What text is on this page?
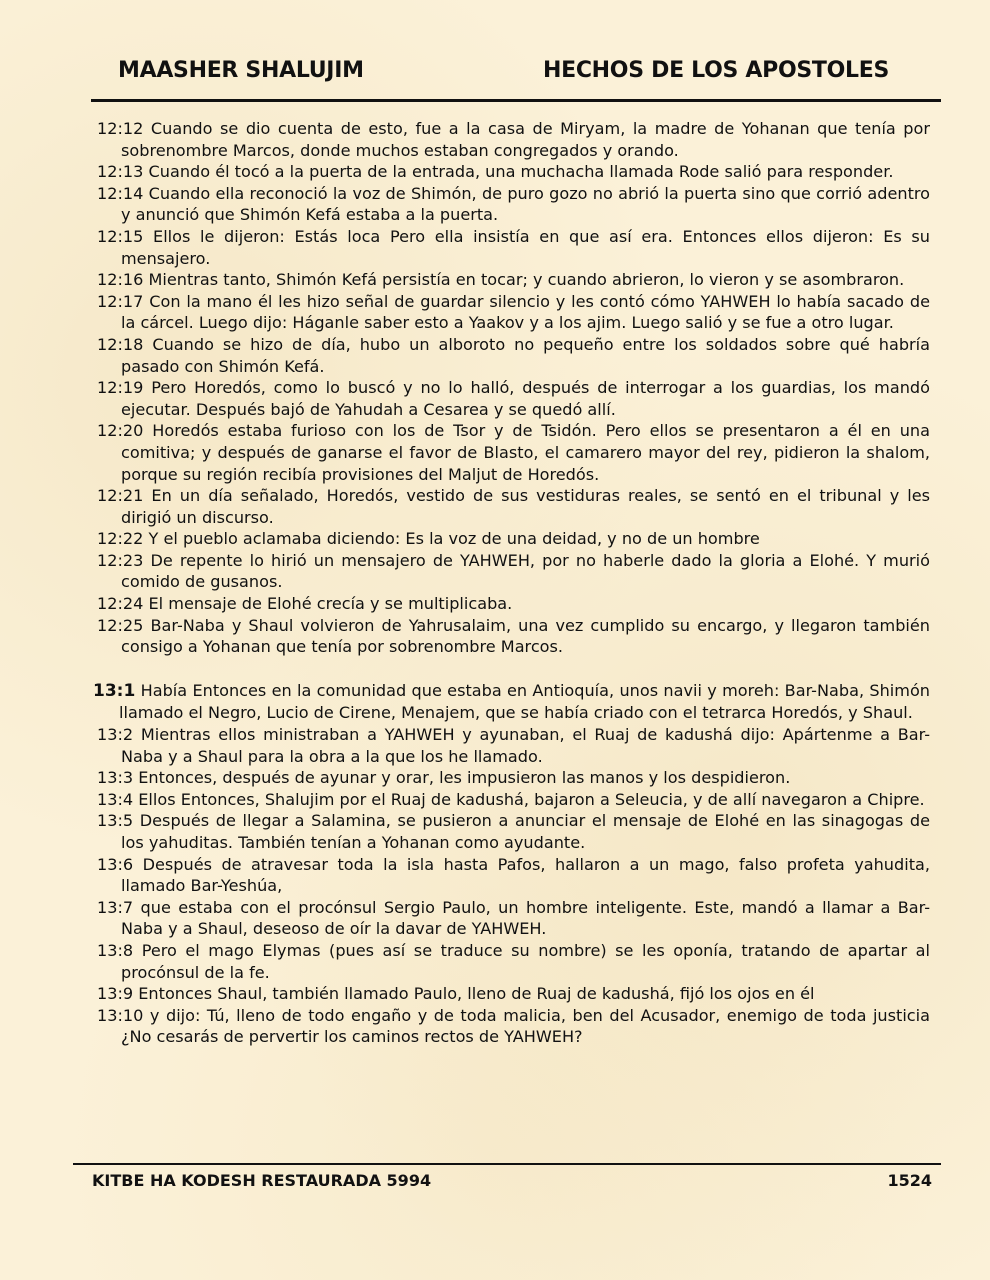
MAASHER SHALUJIM	HECHOS DE LOS APOSTOLES
12:12 Cuando se dio cuenta de esto, fue a la casa de Miryam, la madre de Yohanan que tenía por sobrenombre Marcos, donde muchos estaban congregados y orando.
12:13 Cuando él tocó a la puerta de la entrada, una muchacha llamada Rode salió para responder.
12:14 Cuando ella reconoció la voz de Shimón, de puro gozo no abrió la puerta sino que corrió adentro y anunció que Shimón Kefá estaba a la puerta.
12:15 Ellos le dijeron: Estás loca Pero ella insistía en que así era. Entonces ellos dijeron: Es su mensajero.
12:16 Mientras tanto, Shimón Kefá persistía en tocar; y cuando abrieron, lo vieron y se asombraron.
12:17 Con la mano él les hizo señal de guardar silencio y les contó cómo YAHWEH lo había sacado de la cárcel. Luego dijo: Háganle saber esto a Yaakov y a los ajim. Luego salió y se fue a otro lugar.
12:18 Cuando se hizo de día, hubo un alboroto no pequeño entre los soldados sobre qué habría pasado con Shimón Kefá.
12:19 Pero Horedós, como lo buscó y no lo halló, después de interrogar a los guardias, los mandó ejecutar. Después bajó de Yahudah a Cesarea y se quedó allí.
12:20 Horedós estaba furioso con los de Tsor y de Tsidón. Pero ellos se presentaron a él en una comitiva; y después de ganarse el favor de Blasto, el camarero mayor del rey, pidieron la shalom, porque su región recibía provisiones del Maljut de Horedós.
12:21 En un día señalado, Horedós, vestido de sus vestiduras reales, se sentó en el tribunal y les dirigió un discurso.
12:22 Y el pueblo aclamaba diciendo: Es la voz de una deidad, y no de un hombre
12:23 De repente lo hirió un mensajero de YAHWEH, por no haberle dado la gloria a Elohé. Y murió comido de gusanos.
12:24 El mensaje de Elohé crecía y se multiplicaba.
12:25 Bar-Naba y Shaul volvieron de Yahrusalaim, una vez cumplido su encargo, y llegaron también consigo a Yohanan que tenía por sobrenombre Marcos.
13:1 Había Entonces en la comunidad que estaba en Antioquía, unos navii y moreh: Bar-Naba, Shimón llamado el Negro, Lucio de Cirene, Menajem, que se había criado con el tetrarca Horedós, y Shaul.
13:2 Mientras ellos ministraban a YAHWEH y ayunaban, el Ruaj de kadushá dijo: Apártenme a Bar-Naba y a Shaul para la obra a la que los he llamado.
13:3 Entonces, después de ayunar y orar, les impusieron las manos y los despidieron.
13:4 Ellos Entonces, Shalujim por el Ruaj de kadushá, bajaron a Seleucia, y de allí navegaron a Chipre.
13:5 Después de llegar a Salamina, se pusieron a anunciar el mensaje de Elohé en las sinagogas de los yahuditas. También tenían a Yohanan como ayudante.
13:6 Después de atravesar toda la isla hasta Pafos, hallaron a un mago, falso profeta yahudita, llamado Bar-Yeshúa,
13:7 que estaba con el procónsul Sergio Paulo, un hombre inteligente. Este, mandó a llamar a Bar-Naba y a Shaul, deseoso de oír la davar de YAHWEH.
13:8 Pero el mago Elymas (pues así se traduce su nombre) se les oponía, tratando de apartar al procónsul de la fe.
13:9 Entonces Shaul, también llamado Paulo, lleno de Ruaj de kadushá, fijó los ojos en él
13:10 y dijo: Tú, lleno de todo engaño y de toda malicia, ben del Acusador, enemigo de toda justicia ¿No cesarás de pervertir los caminos rectos de YAHWEH?
KITBE HA KODESH RESTAURADA 5994	1524
